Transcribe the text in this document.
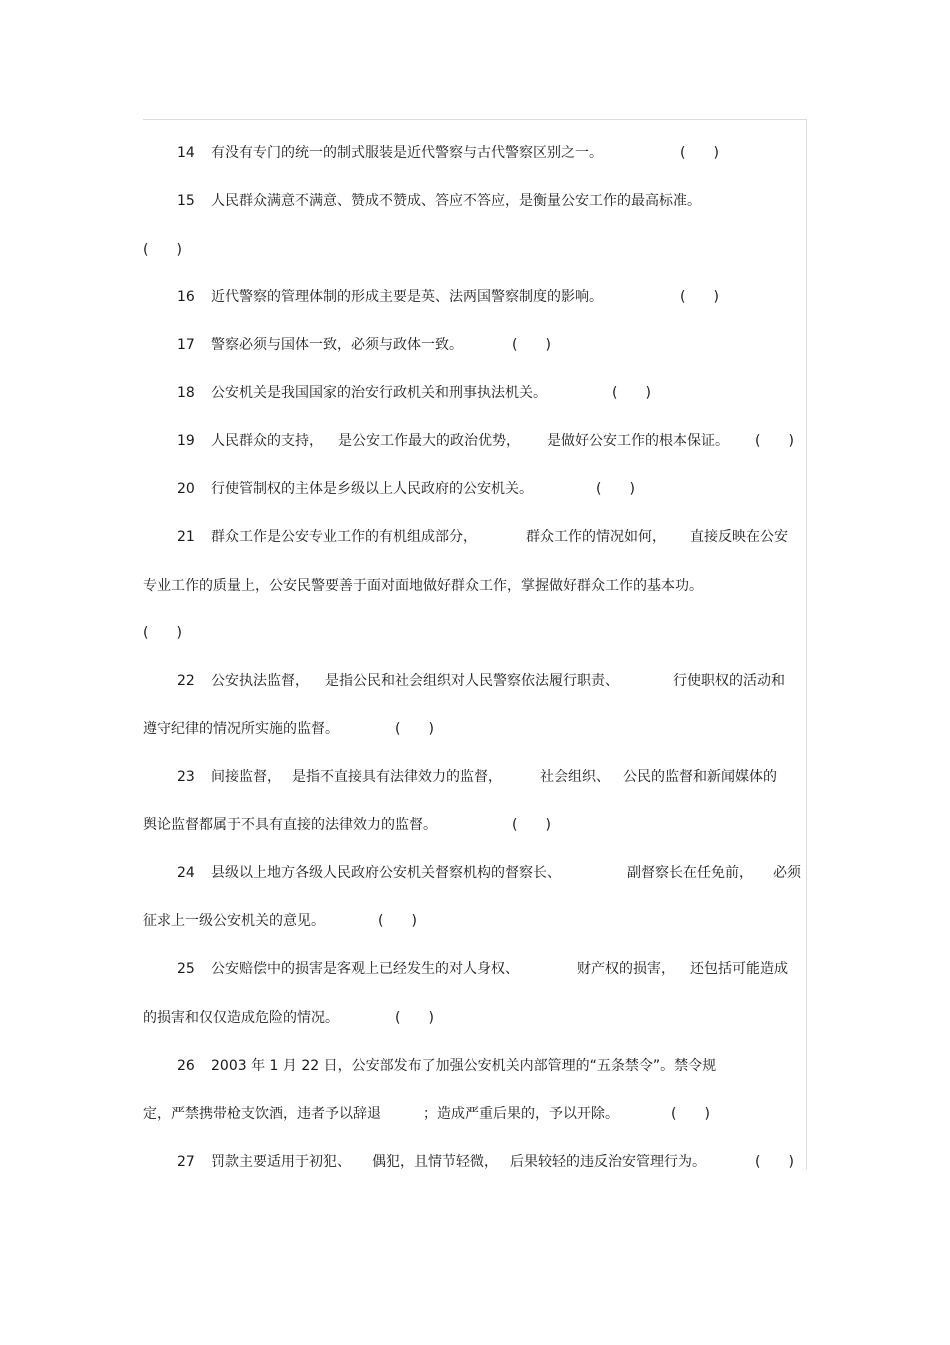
14 有没有专门的统一的制式服装是近代警察与古代警察区别之一。	(  )
15 人民群众满意不满意、赞成不赞成、答应不答应，是衡量公安工作的最高标准。
(  )
16 近代警察的管理体制的形成主要是英、法两国警察制度的影响。	(  )
17 警察必须与国体一致，必须与政体一致。	(  )
18 公安机关是我国国家的治安行政机关和刑事执法机关。	(  )
19 人民群众的支持， 是公安工作最大的政治优势， 是做好公安工作的根本保证。 (  )
20 行使管制权的主体是乡级以上人民政府的公安机关。	(  )
21 群众工作是公安专业工作的有机组成部分，	群众工作的情况如何， 直接反映在公安
专业工作的质量上，公安民警要善于面对面地做好群众工作，掌握做好群众工作的基本功。
(  )
22 公安执法监督， 是指公民和社会组织对人民警察依法履行职责、	行使职权的活动和
遵守纪律的情况所实施的监督。	(  )
23 间接监督， 是指不直接具有法律效力的监督，	社会组织、 公民的监督和新闻媒体的
舆论监督都属于不具有直接的法律效力的监督。	(  )
24 县级以上地方各级人民政府公安机关督察机构的督察长、	副督察长在任免前， 必须
征求上一级公安机关的意见。	(  )
25 公安赔偿中的损害是客观上已经发生的对人身权、	财产权的损害， 还包括可能造成
的损害和仅仅造成危险的情况。	(  )
26 2003 年 1 月 22 日，公安部发布了加强公安机关内部管理的“五条禁令”。禁令规
定，严禁携带枪支饮酒，违者予以辞退	；造成严重后果的，予以开除。	(  )
27 罚款主要适用于初犯、 偶犯，且情节轻微， 后果较轻的违反治安管理行为。	(  )
